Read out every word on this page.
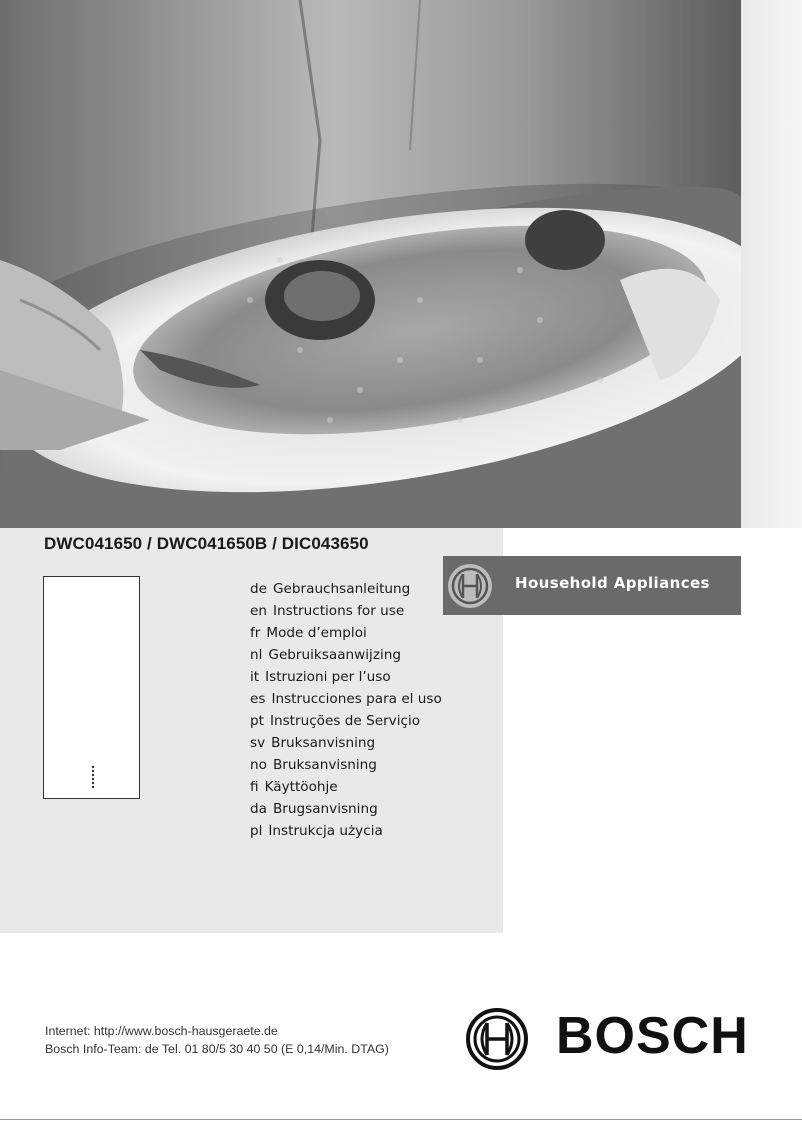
DWC041650 / DWC041650B / DIC043650
de Gebrauchsanleitung
en Instructions for use
fr Mode d’emploi
nl Gebruiksaanwijzing
it Istruzioni per l’uso
es Instrucciones para el uso
pt Instruções de Serviçio
sv Bruksanvisning
no Bruksanvisning
fi Käyttöohje
da Brugsanvisning
pl Instrukcja użycia
Household Appliances
Internet: http://www.bosch-hausgeraete.de
Bosch Info-Team: de Tel. 01 80/5 30 40 50 (E 0,14/Min. DTAG)	BOSCH
